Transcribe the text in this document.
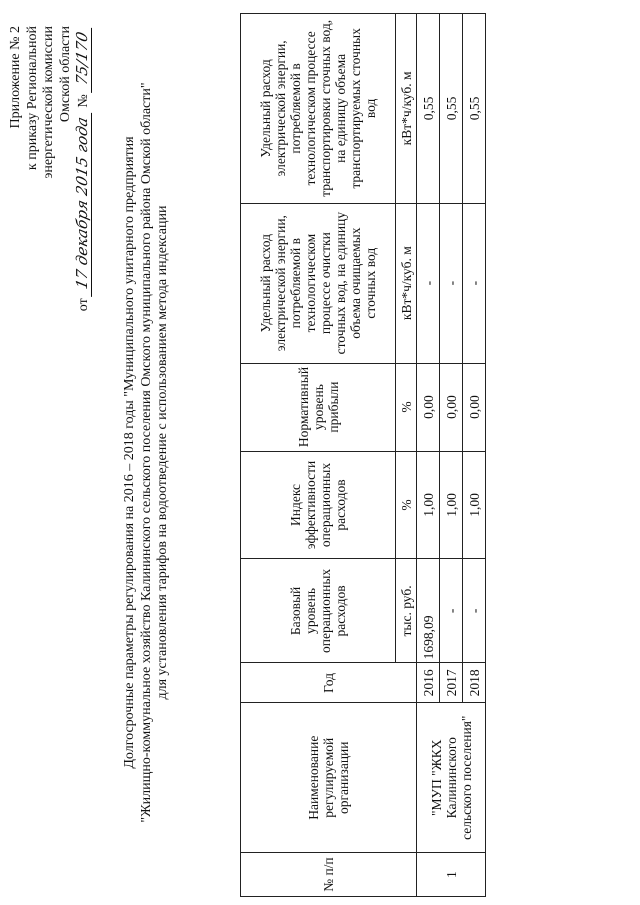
Приложение № 2 к приказу Региональной энергетической комиссии Омской области
от 17 декабря 2015 года № 75/170
Долгосрочные параметры регулирования на 2016 – 2018 годы "Муниципального унитарного предприятия "Жилищно-коммунальное хозяйство Калининского сельского поселения Омского муниципального района Омской области" для установления тарифов на водоотведение с использованием метода индексации
№ п/п	Наименование регулируемой организации	Год	Базовый уровень операционных расходов	Индекс эффективности операционных расходов	Нормативный уровень прибыли	Удельный расход электрической энергии, потребляемой в технологическом процессе очистки сточных вод, на единицу объема очищаемых сточных вод	Удельный расход электрической энергии, потребляемой в технологическом процессе транспортировки сточных вод, на единицу объема транспортируемых сточных вод
			тыс. руб.	%	%	кВт*ч/куб. м	кВт*ч/куб. м
1	"МУП "ЖКХ Калининского сельского поселения"	2016	1698,09	1,00	0,00	-	0,55
		2017	-	1,00	0,00	-	0,55
		2018	-	1,00	0,00	-	0,55
